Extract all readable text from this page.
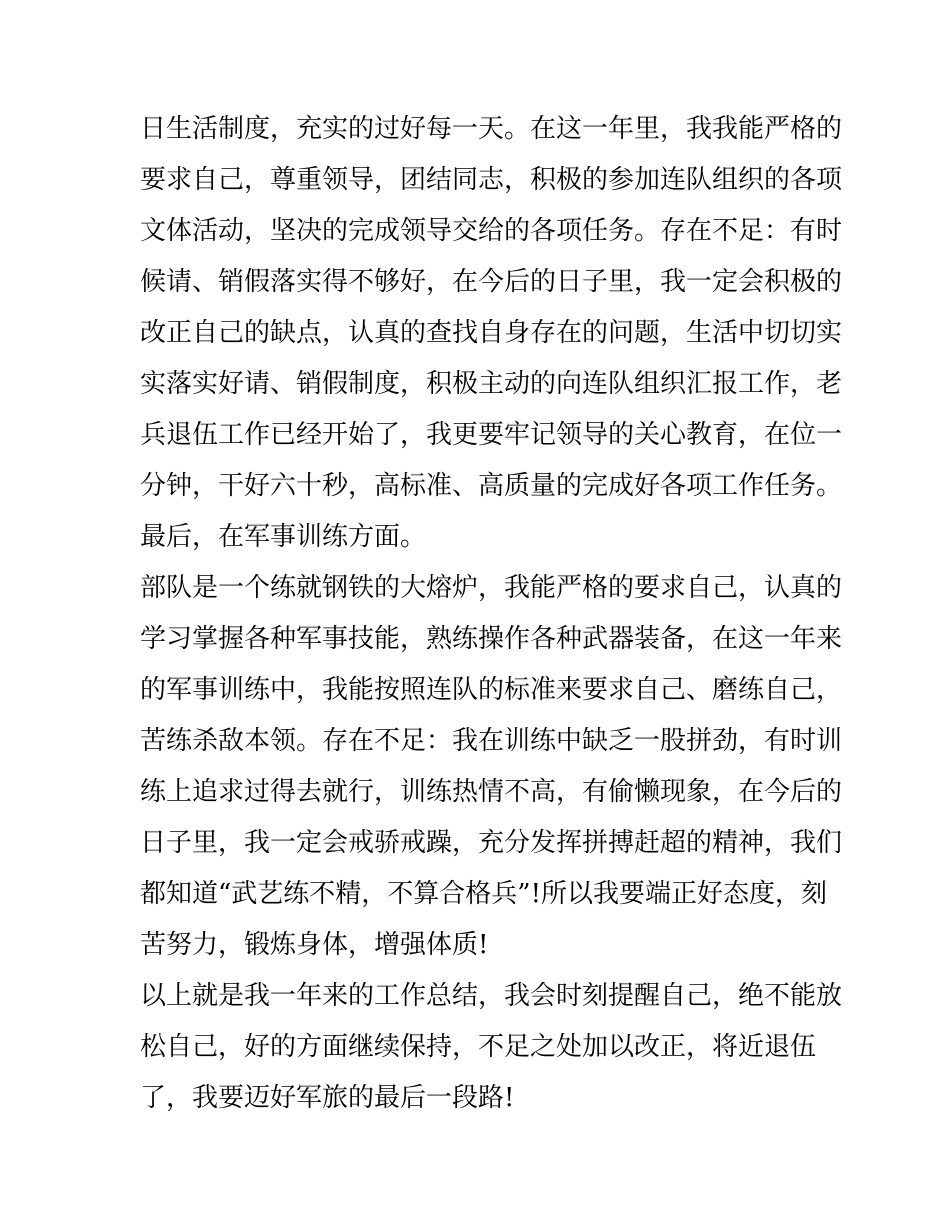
日生活制度，充实的过好每一天。在这一年里，我我能严格的
要求自己，尊重领导，团结同志，积极的参加连队组织的各项
文体活动，坚决的完成领导交给的各项任务。存在不足：有时
候请、销假落实得不够好，在今后的日子里，我一定会积极的
改正自己的缺点，认真的查找自身存在的问题，生活中切切实
实落实好请、销假制度，积极主动的向连队组织汇报工作，老
兵退伍工作已经开始了，我更要牢记领导的关心教育，在位一
分钟，干好六十秒，高标准、高质量的完成好各项工作任务。
最后，在军事训练方面。
部队是一个练就钢铁的大熔炉，我能严格的要求自己，认真的
学习掌握各种军事技能，熟练操作各种武器装备，在这一年来
的军事训练中，我能按照连队的标准来要求自己、磨练自己，
苦练杀敌本领。存在不足：我在训练中缺乏一股拼劲，有时训
练上追求过得去就行，训练热情不高，有偷懒现象，在今后的
日子里，我一定会戒骄戒躁，充分发挥拼搏赶超的精神，我们
都知道“武艺练不精，不算合格兵”!所以我要端正好态度，刻
苦努力，锻炼身体，增强体质!
以上就是我一年来的工作总结，我会时刻提醒自己，绝不能放
松自己，好的方面继续保持，不足之处加以改正，将近退伍
了，我要迈好军旅的最后一段路!
